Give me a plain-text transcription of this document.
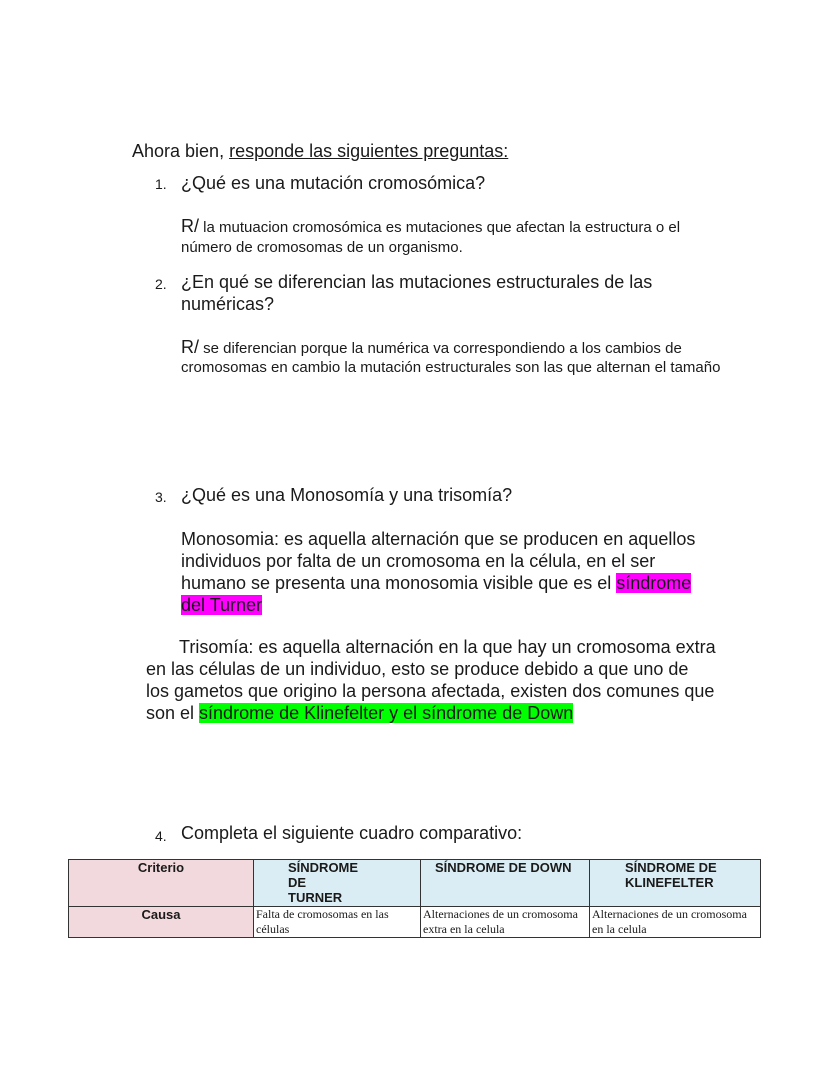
Ahora bien, responde las siguientes preguntas:
1. ¿Qué es una mutación cromosómica?
R/ la mutuacion cromosómica es mutaciones que afectan la estructura o el número de cromosomas de un organismo.
2. ¿En qué se diferencian las mutaciones estructurales de las numéricas?
R/ se diferencian porque la numérica va correspondiendo a los cambios de cromosomas en cambio la mutación estructurales son las que alternan el tamaño
3. ¿Qué es una Monosomía y una trisomía?
Monosomia: es aquella alternación que se producen en aquellos individuos por falta de un cromosoma en la célula, en el ser humano se presenta una monosomia visible que es el síndrome del Turner
Trisomía: es aquella alternación en la que hay un cromosoma extra en las células de un individuo, esto se produce debido a que uno de los gametos que origino la persona afectada, existen dos comunes que son el síndrome de Klinefelter y el síndrome de Down
4. Completa el siguiente cuadro comparativo:
Criterio	SÍNDROME DE TURNER	SÍNDROME DE DOWN	SÍNDROME DE KLINEFELTER
Causa	Falta de cromosomas en las células	Alternaciones de un cromosoma extra en la celula	Alternaciones de un cromosoma en la celula
